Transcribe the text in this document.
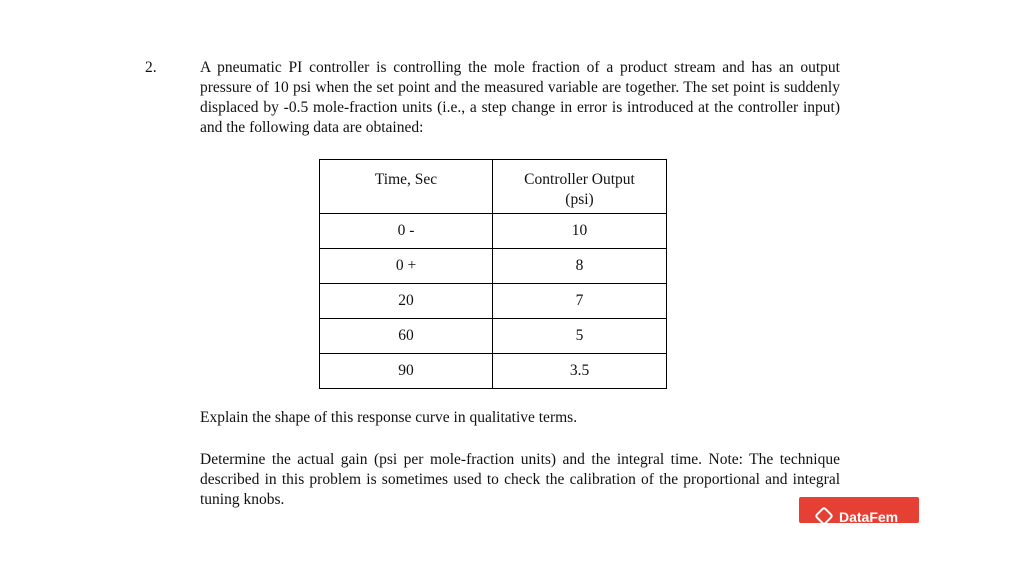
2.	A pneumatic PI controller is controlling the mole fraction of a product stream and has an output pressure of 10 psi when the set point and the measured variable are together. The set point is suddenly displaced by -0.5 mole-fraction units (i.e., a step change in error is introduced at the controller input) and the following data are obtained:

Time, Sec	Controller Output
(psi)
0 -	10
0 +	8
20	7
60	5
90	3.5

Explain the shape of this response curve in qualitative terms.

Determine the actual gain (psi per mole-fraction units) and the integral time. Note: The technique described in this problem is sometimes used to check the calibration of the proportional and integral tuning knobs.

DataFem
